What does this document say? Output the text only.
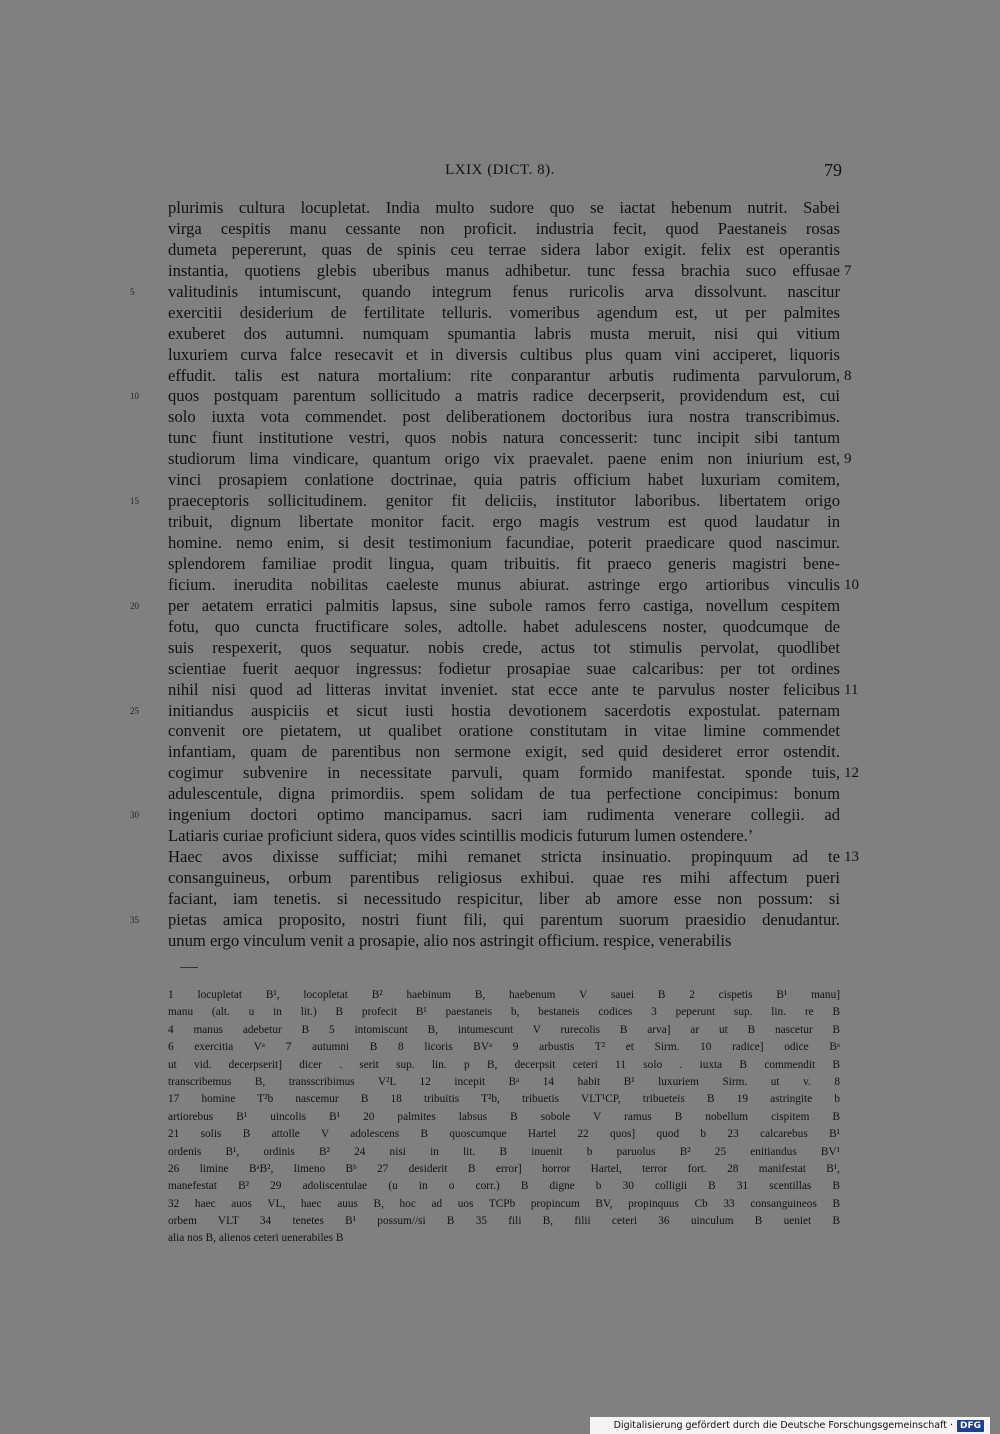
LXIX (DICT. 8).	79
plurimis cultura locupletat. India multo sudore quo se iactat hebenum nutrit. Sabei
virga cespitis manu cessante non proficit. industria fecit, quod Paestaneis rosas
dumeta pepererunt, quas de spinis ceu terrae sidera labor exigit. felix est operantis
instantia, quotiens glebis uberibus manus adhibetur. tunc fessa brachia suco effusae 7
valitudinis intumiscunt, quando integrum fenus ruricolis arva dissolvunt. nascitur
5
exercitii desiderium de fertilitate telluris. vomeribus agendum est, ut per palmites
exuberet dos autumni. numquam spumantia labris musta meruit, nisi qui vitium
luxuriem curva falce resecavit et in diversis cultibus plus quam vini acciperet, liquoris
effudit. talis est natura mortalium: rite conparantur arbutis rudimenta parvulorum, 8
quos postquam parentum sollicitudo a matris radice decerpserit, providendum est, cui
10
solo iuxta vota commendet. post deliberationem doctoribus iura nostra transcribimus.
tunc fiunt institutione vestri, quos nobis natura concesserit: tunc incipit sibi tantum
studiorum lima vindicare, quantum origo vix praevalet. paene enim non iniurium est, 9
vinci prosapiem conlatione doctrinae, quia patris officium habet luxuriam comitem,
praeceptoris sollicitudinem. genitor fit deliciis, institutor laboribus. libertatem origo
15
tribuit, dignum libertate monitor facit. ergo magis vestrum est quod laudatur in
homine. nemo enim, si desit testimonium facundiae, poterit praedicare quod nascimur.
splendorem familiae prodit lingua, quam tribuitis. fit praeco generis magistri bene-
ficium. inerudita nobilitas caeleste munus abiurat. astringe ergo artioribus vinculis 10
per aetatem erratici palmitis lapsus, sine subole ramos ferro castiga, novellum cespitem
20
fotu, quo cuncta fructificare soles, adtolle. habet adulescens noster, quodcumque de
suis respexerit, quos sequatur. nobis crede, actus tot stimulis pervolat, quodlibet
scientiae fuerit aequor ingressus: fodietur prosapiae suae calcaribus: per tot ordines
nihil nisi quod ad litteras invitat inveniet. stat ecce ante te parvulus noster felicibus 11
initiandus auspiciis et sicut iusti hostia devotionem sacerdotis expostulat. paternam
25
convenit ore pietatem, ut qualibet oratione constitutam in vitae limine commendet
infantiam, quam de parentibus non sermone exigit, sed quid desideret error ostendit.
cogimur subvenire in necessitate parvuli, quam formido manifestat. sponde tuis, 12
adulescentule, digna primordiis. spem solidam de tua perfectione concipimus: bonum
ingenium doctori optimo mancipamus. sacri iam rudimenta venerare collegii. ad
30
Latiaris curiae proficiunt sidera, quos vides scintillis modicis futurum lumen ostendere.’
Haec avos dixisse sufficiat; mihi remanet stricta insinuatio. propinquum ad te 13
consanguineus, orbum parentibus religiosus exhibui. quae res mihi affectum pueri
faciant, iam tenetis. si necessitudo respicitur, liber ab amore esse non possum: si
pietas amica proposito, nostri fiunt fili, qui parentum suorum praesidio denudantur.
35
unum ergo vinculum venit a prosapie, alio nos astringit officium. respice, venerabilis
1 locupletat B¹, locopletat B² haebinum B, haebenum V sauei B 2 cispetis B¹ manu]
manu (alt. u in lit.) B profecit B¹ paestaneis b, bestaneis codices 3 peperunt sup. lin. re B
4 manus adebetur B 5 intomiscunt B, intumescunt V rurecolis B arva] ar ut B nascetur B
6 exercitia Vᵃ 7 autumni B 8 licoris BVᵃ 9 arbustis T² et Sirm. 10 radice] odice Bᵃ
ut vid. decerpserit] dicer . serit sup. lin. p B, decerpsit ceteri 11 solo . iuxta B commendit B
transcribemus B, transscribimus V²L 12 incepit Bᵃ 14 habit B¹ luxuriem Sirm. ut v. 8
17 homine T²b nascemur B 18 tribuitis T²b, tribuetis VLT¹CP, tribueteis B 19 astringite b
artiorebus B¹ uincolis B¹ 20 palmites labsus B sobole V ramus B nobellum cispitem B
21 solis B attolle V adolescens B quoscumque Hartel 22 quos] quod b 23 calcarebus B¹
ordenis B¹, ordinis B² 24 nisi in lit. B inuenit b paruolus B² 25 enitiandus BV¹
26 limine BᵃB², limeno Bᵇ 27 desiderit B error] horror Hartel, terror fort. 28 manifestat B¹,
manefestat B² 29 adoliscentulae (u in o corr.) B digne b 30 colligii B 31 scentillas B
32 haec auos VL, haec auus B, hoc ad uos TCPb propincum BV, propinquus Cb 33 consanguineos B
orbem VLT 34 tenetes B¹ possum//si B 35 fili B, filii ceteri 36 uinculum B ueniet B
alia nos B, alienos ceteri uenerabiles B
Digitalisierung gefördert durch die Deutsche Forschungsgemeinschaft · DFG
